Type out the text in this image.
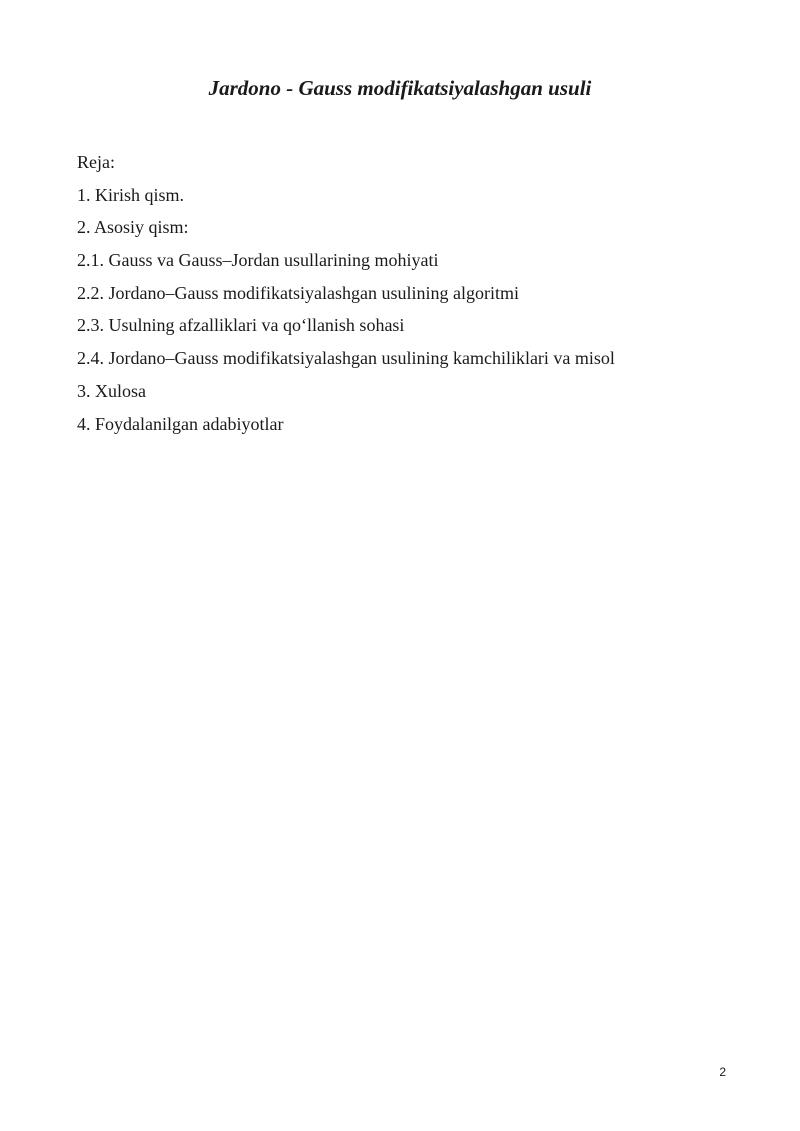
Jardono - Gauss modifikatsiyalashgan usuli
Reja:
1. Kirish qism.
2. Asosiy qism:
2.1. Gauss va Gauss–Jordan usullarining mohiyati
2.2. Jordano–Gauss modifikatsiyalashgan usulining algoritmi
2.3. Usulning afzalliklari va qo‘llanish sohasi
2.4. Jordano–Gauss modifikatsiyalashgan usulining kamchiliklari va misol
3. Xulosa
4. Foydalanilgan adabiyotlar
2
